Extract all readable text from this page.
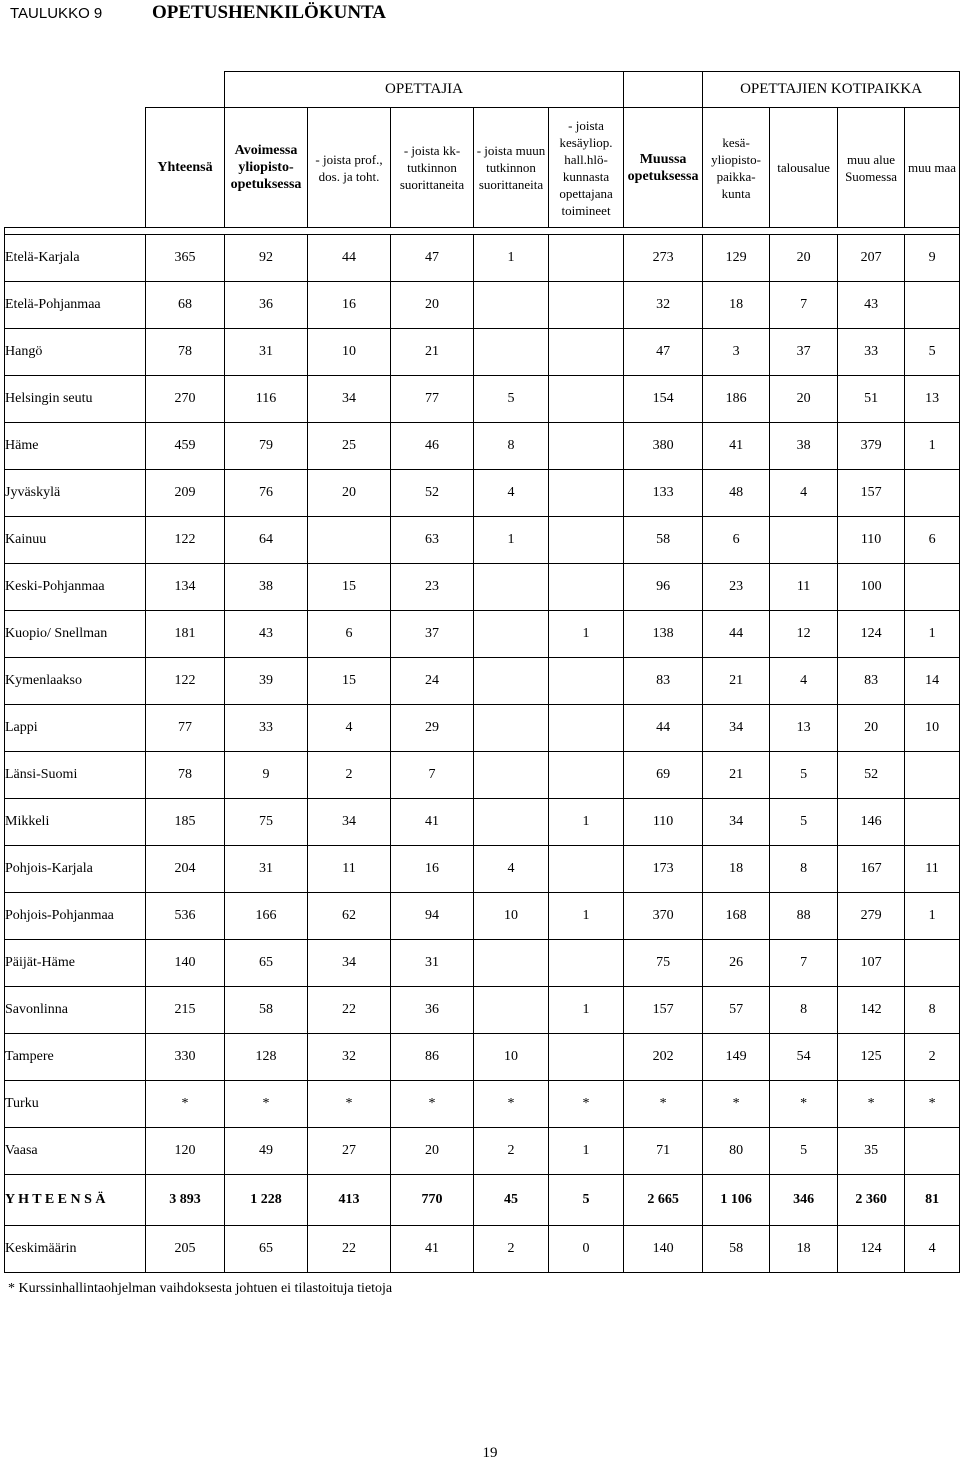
TAULUKKO 9	OPETUSHENKILÖKUNTA
		OPETTAJIA						OPETTAJIEN KOTIPAIKKA			
	Yhteensä	Avoimessa yliopisto-opetuksessa	- joista prof., dos. ja toht.	- joista kk-tutkinnon suorittaneita	- joista muun tutkinnon suorittaneita	- joista kesäyliop. hall.hlö-kunnasta opettajana toimineet	Muussa opetuksessa	kesä-yliopisto-paikka-kunta	talousalue	muu alue Suomessa	muu maa

Etelä-Karjala	365	92	44	47	1		273	129	20	207	9
Etelä-Pohjanmaa	68	36	16	20			32	18	7	43	
Hangö	78	31	10	21			47	3	37	33	5
Helsingin seutu	270	116	34	77	5		154	186	20	51	13
Häme	459	79	25	46	8		380	41	38	379	1
Jyväskylä	209	76	20	52	4		133	48	4	157	
Kainuu	122	64		63	1		58	6		110	6
Keski-Pohjanmaa	134	38	15	23			96	23	11	100	
Kuopio/ Snellman	181	43	6	37		1	138	44	12	124	1
Kymenlaakso	122	39	15	24			83	21	4	83	14
Lappi	77	33	4	29			44	34	13	20	10
Länsi-Suomi	78	9	2	7			69	21	5	52	
Mikkeli	185	75	34	41		1	110	34	5	146	
Pohjois-Karjala	204	31	11	16	4		173	18	8	167	11
Pohjois-Pohjanmaa	536	166	62	94	10	1	370	168	88	279	1
Päijät-Häme	140	65	34	31			75	26	7	107	
Savonlinna	215	58	22	36		1	157	57	8	142	8
Tampere	330	128	32	86	10		202	149	54	125	2
Turku	*	*	*	*	*	*	*	*	*	*	*
Vaasa	120	49	27	20	2	1	71	80	5	35	
Y H T E E N S Ä	3 893	1 228	413	770	45	5	2 665	1 106	346	2 360	81
Keskimäärin	205	65	22	41	2	0	140	58	18	124	4
* Kurssinhallintaohjelman vaihdoksesta johtuen ei tilastoituja tietoja
19
